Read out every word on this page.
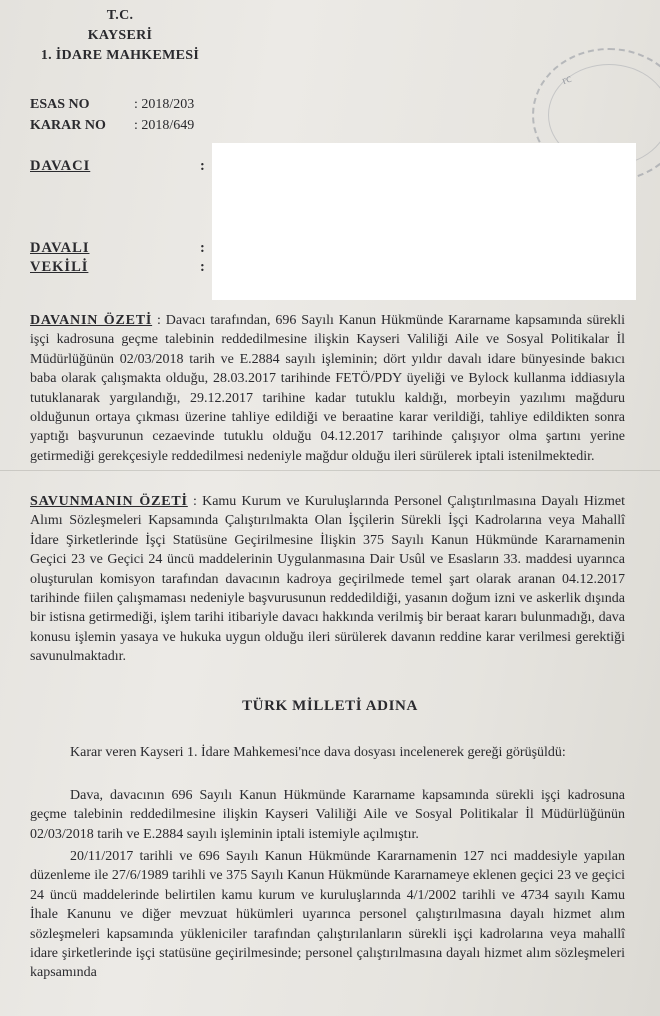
T.C.
KAYSERİ
1. İDARE MAHKEMESİ
rc
ESAS NO	: 2018/203
KARAR NO : 2018/649
DAVACI	:
DAVALI	:
VEKİLİ	:
DAVANIN ÖZETİ : Davacı tarafından, 696 Sayılı Kanun Hükmünde Kararname kapsamında sürekli işçi kadrosuna geçme talebinin reddedilmesine ilişkin Kayseri Valiliği Aile ve Sosyal Politikalar İl Müdürlüğünün 02/03/2018 tarih ve E.2884 sayılı işleminin; dört yıldır davalı idare bünyesinde bakıcı baba olarak çalışmakta olduğu, 28.03.2017 tarihinde FETÖ/PDY üyeliği ve Bylock kullanma iddiasıyla tutuklanarak yargılandığı, 29.12.2017 tarihine kadar tutuklu kaldığı, morbeyin yazılımı mağduru olduğunun ortaya çıkması üzerine tahliye edildiği ve beraatine karar verildiği, tahliye edildikten sonra yaptığı başvurunun cezaevinde tutuklu olduğu 04.12.2017 tarihinde çalışıyor olma şartını yerine getirmediği gerekçesiyle reddedilmesi nedeniyle mağdur olduğu ileri sürülerek iptali istenilmektedir.
SAVUNMANIN ÖZETİ : Kamu Kurum ve Kuruluşlarında Personel Çalıştırılmasına Dayalı Hizmet Alımı Sözleşmeleri Kapsamında Çalıştırılmakta Olan İşçilerin Sürekli İşçi Kadrolarına veya Mahallî İdare Şirketlerinde İşçi Statüsüne Geçirilmesine İlişkin 375 Sayılı Kanun Hükmünde Kararnamenin Geçici 23 ve Geçici 24 üncü maddelerinin Uygulanmasına Dair Usûl ve Esasların 33. maddesi uyarınca oluşturulan komisyon tarafından davacının kadroya geçirilmede temel şart olarak aranan 04.12.2017 tarihinde fiilen çalışmaması nedeniyle başvurusunun reddedildiği, yasanın doğum izni ve askerlik dışında bir istisna getirmediği, işlem tarihi itibariyle davacı hakkında verilmiş bir beraat kararı bulunmadığı, dava konusu işlemin yasaya ve hukuka uygun olduğu ileri sürülerek davanın reddine karar verilmesi gerektiği savunulmaktadır.
TÜRK MİLLETİ ADINA
Karar veren Kayseri 1. İdare Mahkemesi'nce dava dosyası incelenerek gereği görüşüldü:
Dava, davacının 696 Sayılı Kanun Hükmünde Kararname kapsamında sürekli işçi kadrosuna geçme talebinin reddedilmesine ilişkin Kayseri Valiliği Aile ve Sosyal Politikalar İl Müdürlüğünün 02/03/2018 tarih ve E.2884 sayılı işleminin iptali istemiyle açılmıştır.
20/11/2017 tarihli ve 696 Sayılı Kanun Hükmünde Kararnamenin 127 nci maddesiyle yapılan düzenleme ile 27/6/1989 tarihli ve 375 Sayılı Kanun Hükmünde Kararnameye eklenen geçici 23 ve geçici 24 üncü maddelerinde belirtilen kamu kurum ve kuruluşlarında 4/1/2002 tarihli ve 4734 sayılı Kamu İhale Kanunu ve diğer mevzuat hükümleri uyarınca personel çalıştırılmasına dayalı hizmet alım sözleşmeleri kapsamında yükleniciler tarafından çalıştırılanların sürekli işçi kadrolarına veya mahallî idare şirketlerinde işçi statüsüne geçirilmesinde; personel çalıştırılmasına dayalı hizmet alım sözleşmeleri kapsamında
